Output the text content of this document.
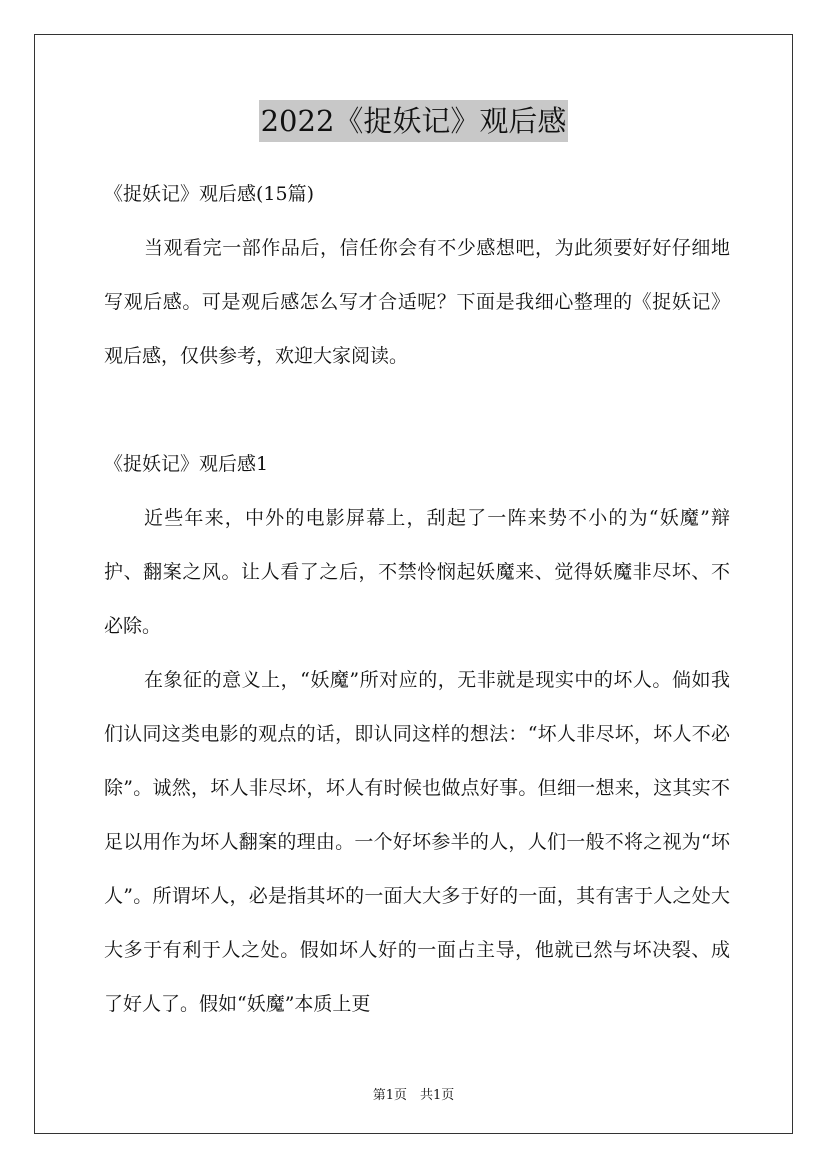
2022《捉妖记》观后感
《捉妖记》观后感(15篇)

当观看完一部作品后，信任你会有不少感想吧，为此须要好好仔细地写观后感。可是观后感怎么写才合适呢？下面是我细心整理的《捉妖记》观后感，仅供参考，欢迎大家阅读。

《捉妖记》观后感1

近些年来，中外的电影屏幕上，刮起了一阵来势不小的为“妖魔”辩护、翻案之风。让人看了之后，不禁怜悯起妖魔来、觉得妖魔非尽坏、不必除。

在象征的意义上，“妖魔”所对应的，无非就是现实中的坏人。倘如我们认同这类电影的观点的话，即认同这样的想法：“坏人非尽坏，坏人不必除”。诚然，坏人非尽坏，坏人有时候也做点好事。但细一想来，这其实不足以用作为坏人翻案的理由。一个好坏参半的人，人们一般不将之视为“坏人”。所谓坏人，必是指其坏的一面大大多于好的一面，其有害于人之处大大多于有利于人之处。假如坏人好的一面占主导，他就已然与坏决裂、成了好人了。假如“妖魔”本质上更

第1页　共1页
